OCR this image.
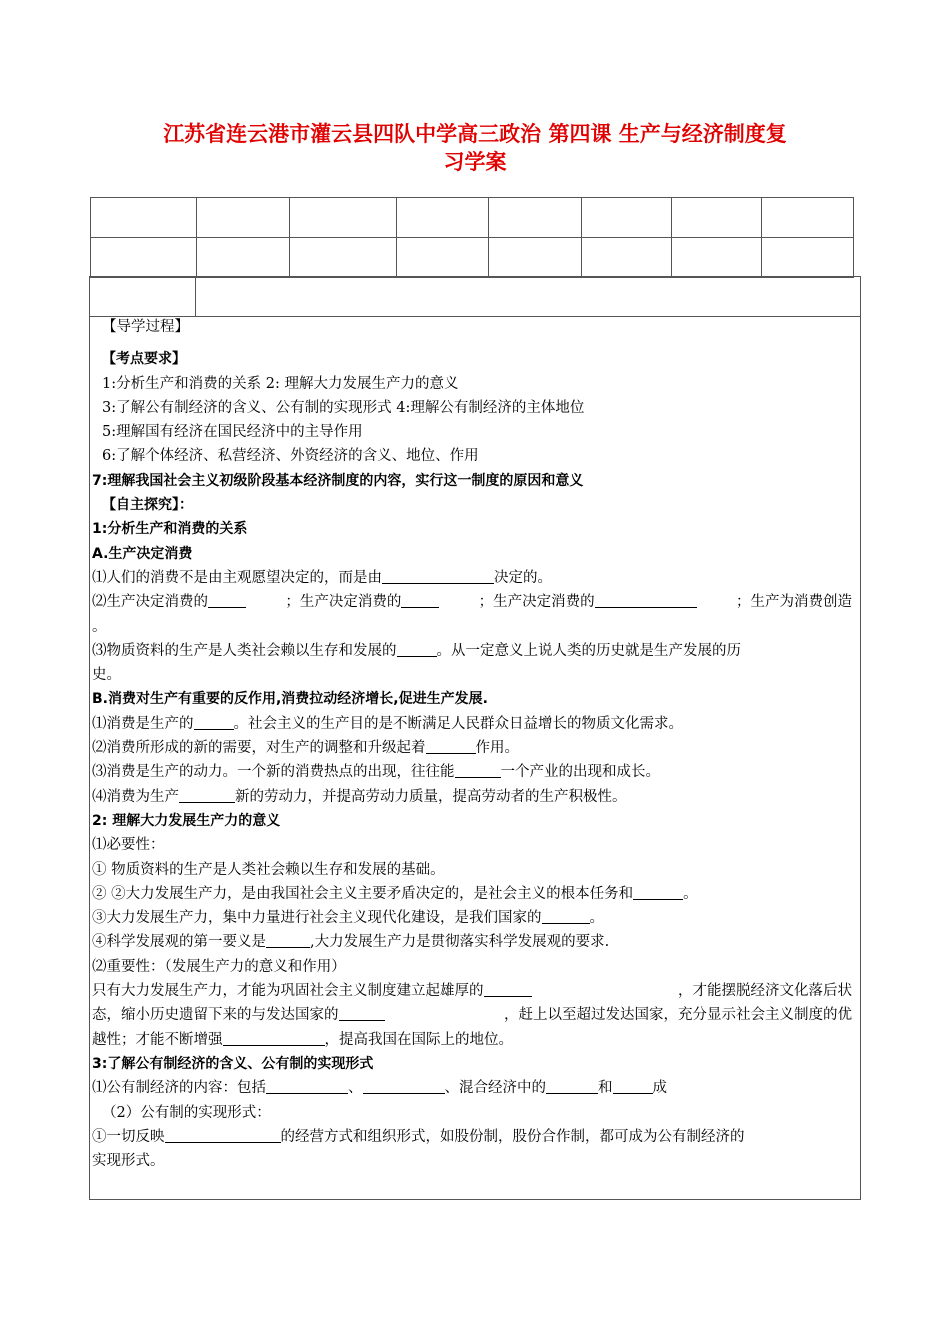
江苏省连云港市灌云县四队中学高三政治 第四课 生产与经济制度复
习学案

【导学过程】
【考点要求】
1:分析生产和消费的关系 2: 理解大力发展生产力的意义
3:了解公有制经济的含义、公有制的实现形式 4:理解公有制经济的主体地位
5:理解国有经济在国民经济中的主导作用
6:了解个体经济、私营经济、外资经济的含义、地位、作用
7:理解我国社会主义初级阶段基本经济制度的内容，实行这一制度的原因和意义
【自主探究】：
1:分析生产和消费的关系
A.生产决定消费
⑴人们的消费不是由主观愿望决定的，而是由	决定的。
⑵生产决定消费的	；生产决定消费的	；生产决定消费的	；生产为消费创造
。
⑶物质资料的生产是人类社会赖以生存和发展的	。从一定意义上说人类的历史就是生产发展的历
史。
B.消费对生产有重要的反作用,消费拉动经济增长,促进生产发展.
⑴消费是生产的	。社会主义的生产目的是不断满足人民群众日益增长的物质文化需求。
⑵消费所形成的新的需要，对生产的调整和升级起着	作用。
⑶消费是生产的动力。一个新的消费热点的出现，往往能	一个产业的出现和成长。
⑷消费为生产	新的劳动力，并提高劳动力质量，提高劳动者的生产积极性。
2: 理解大力发展生产力的意义
⑴必要性：
① 物质资料的生产是人类社会赖以生存和发展的基础。
② ②大力发展生产力，是由我国社会主义主要矛盾决定的，是社会主义的根本任务和	。
③大力发展生产力，集中力量进行社会主义现代化建设，是我们国家的	。
④科学发展观的第一要义是	,大力发展生产力是贯彻落实科学发展观的要求.
⑵重要性：（发展生产力的意义和作用）
只有大力发展生产力，才能为巩固社会主义制度建立起雄厚的	，才能摆脱经济文化落后状
态，缩小历史遗留下来的与发达国家的	，赶上以至超过发达国家，充分显示社会主义制度的优
越性；才能不断增强	，提高我国在国际上的地位。
3:了解公有制经济的含义、公有制的实现形式
⑴公有制经济的内容：包括	、	、混合经济中的	和	成
（2）公有制的实现形式：
①一切反映	的经营方式和组织形式，如股份制，股份合作制，都可成为公有制经济的
实现形式。
